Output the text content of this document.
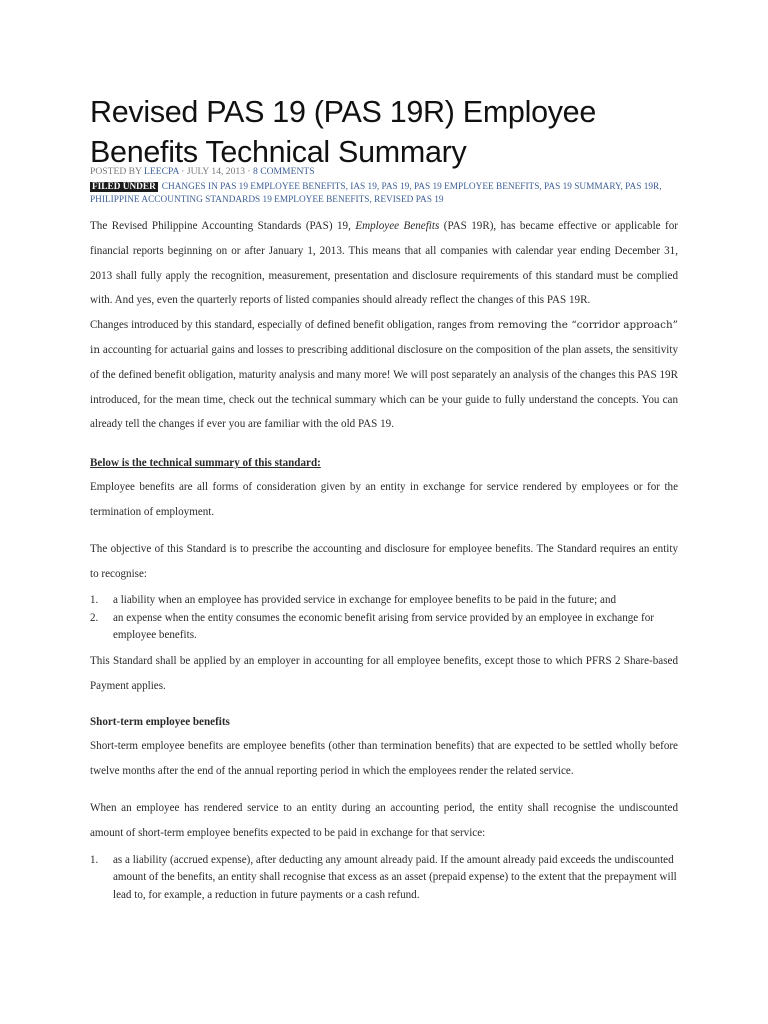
Revised PAS 19 (PAS 19R) Employee Benefits Technical Summary
POSTED BY LEECPA · JULY 14, 2013 · 8 COMMENTS
FILED UNDER CHANGES IN PAS 19 EMPLOYEE BENEFITS, IAS 19, PAS 19, PAS 19 EMPLOYEE BENEFITS, PAS 19 SUMMARY, PAS 19R, PHILIPPINE ACCOUNTING STANDARDS 19 EMPLOYEE BENEFITS, REVISED PAS 19

The Revised Philippine Accounting Standards (PAS) 19, Employee Benefits (PAS 19R), has became effective or applicable for financial reports beginning on or after January 1, 2013. This means that all companies with calendar year ending December 31, 2013 shall fully apply the recognition, measurement, presentation and disclosure requirements of this standard must be complied with. And yes, even the quarterly reports of listed companies should already reflect the changes of this PAS 19R.

Changes introduced by this standard, especially of defined benefit obligation, ranges from removing the “corridor approach” in accounting for actuarial gains and losses to prescribing additional disclosure on the composition of the plan assets, the sensitivity of the defined benefit obligation, maturity analysis and many more! We will post separately an analysis of the changes this PAS 19R introduced, for the mean time, check out the technical summary which can be your guide to fully understand the concepts. You can already tell the changes if ever you are familiar with the old PAS 19.

Below is the technical summary of this standard:

Employee benefits are all forms of consideration given by an entity in exchange for service rendered by employees or for the termination of employment.

The objective of this Standard is to prescribe the accounting and disclosure for employee benefits. The Standard requires an entity to recognise:

1. a liability when an employee has provided service in exchange for employee benefits to be paid in the future; and
2. an expense when the entity consumes the economic benefit arising from service provided by an employee in exchange for employee benefits.

This Standard shall be applied by an employer in accounting for all employee benefits, except those to which PFRS 2 Share-based Payment applies.

Short-term employee benefits

Short-term employee benefits are employee benefits (other than termination benefits) that are expected to be settled wholly before twelve months after the end of the annual reporting period in which the employees render the related service.

When an employee has rendered service to an entity during an accounting period, the entity shall recognise the undiscounted amount of short-term employee benefits expected to be paid in exchange for that service:

1. as a liability (accrued expense), after deducting any amount already paid. If the amount already paid exceeds the undiscounted amount of the benefits, an entity shall recognise that excess as an asset (prepaid expense) to the extent that the prepayment will lead to, for example, a reduction in future payments or a cash refund.
